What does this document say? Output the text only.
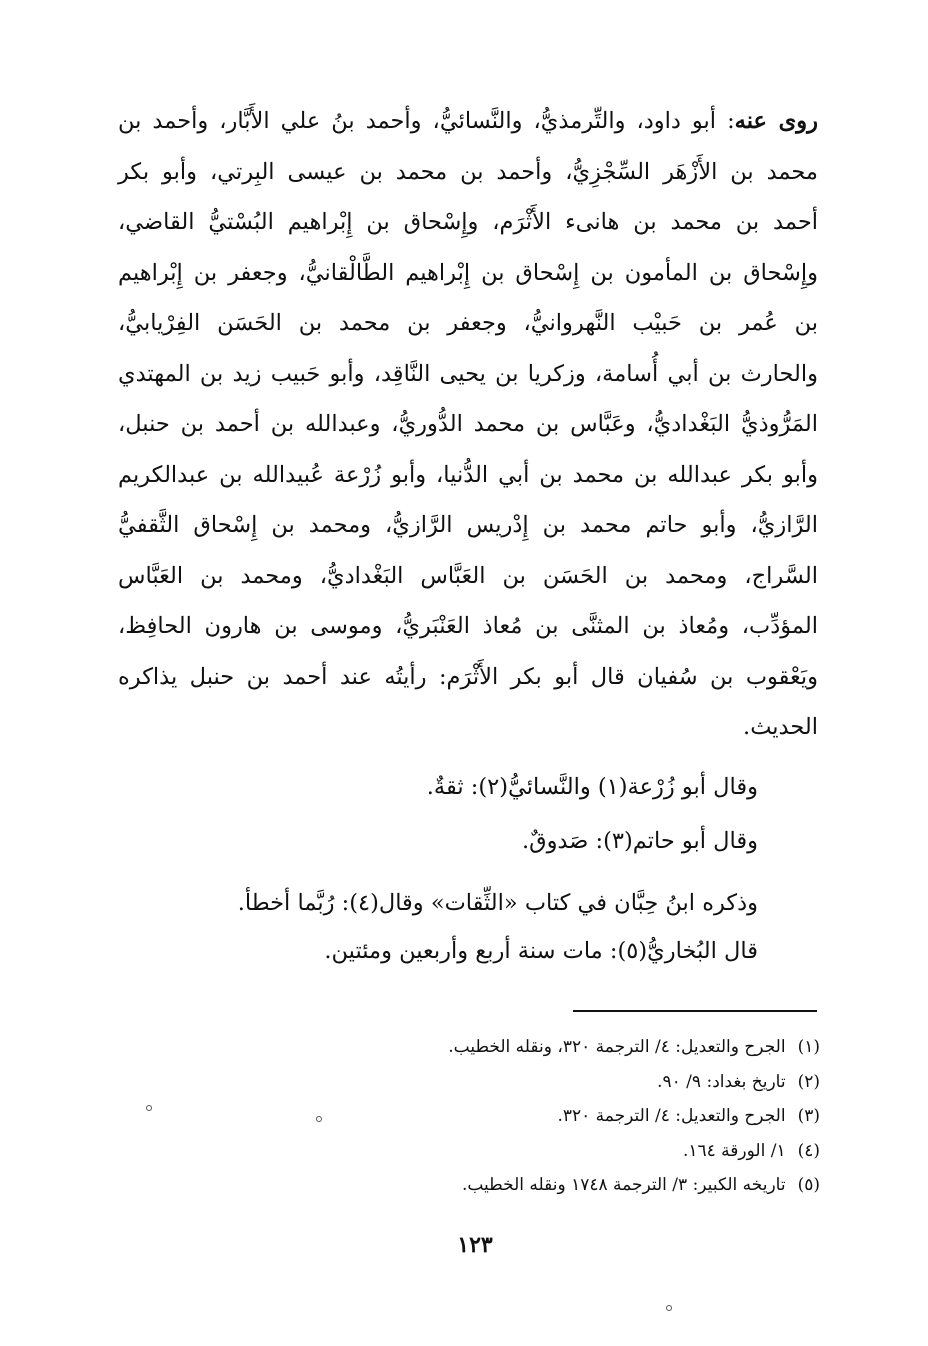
روى عنه: أبو داود، والتِّرمذيُّ، والنَّسائيُّ، وأحمد بنُ علي الأَبَّار، وأحمد بن محمد بن الأَزْهَر السِّجْزِيُّ، وأحمد بن محمد بن عيسى البِرتي، وأبو بكر أحمد بن محمد بن هانىء الأَثْرَم، وإِسْحاق بن إِبْراهيم البُسْتيُّ القاضي، وإِسْحاق بن المأمون بن إِسْحاق بن إِبْراهيم الطَّالْقانيُّ، وجعفر بن إِبْراهيم بن عُمر بن حَبيْب النَّهروانيُّ، وجعفر بن محمد بن الحَسَن الفِرْيابيُّ، والحارث بن أبي أُسامة، وزكريا بن يحيى النَّاقِد، وأبو حَبيب زيد بن المهتدي المَرُّوذيُّ البَغْداديُّ، وعَبَّاس بن محمد الدُّوريُّ، وعبدالله بن أحمد بن حنبل، وأبو بكر عبدالله بن محمد بن أبي الدُّنيا، وأبو زُرْعة عُبيدالله بن عبدالكريم الرَّازيُّ، وأبو حاتم محمد بن إِدْريس الرَّازيُّ، ومحمد بن إِسْحاق الثَّقفيُّ السَّراج، ومحمد بن الحَسَن بن العَبَّاس البَغْداديُّ، ومحمد بن العَبَّاس المؤدِّب، ومُعاذ بن المثنَّى بن مُعاذ العَنْبَريُّ، وموسى بن هارون الحافِظ، ويَعْقوب بن سُفيان قال أبو بكر الأَثْرَم: رأيتُه عند أحمد بن حنبل يذاكره الحديث.

وقال أبو زُرْعة(١) والنَّسائيُّ(٢): ثقةٌ.

وقال أبو حاتم(٣): صَدوقٌ.

وذكره ابنُ حِبَّان في كتاب «الثِّقات» وقال(٤): رُبَّما أخطأ.

قال البُخاريُّ(٥): مات سنة أربع وأربعين ومئتين.

(١)الجرح والتعديل: ٤/ الترجمة ٣٢٠، ونقله الخطيب.

(٢)تاريخ بغداد: ٩/ ٩٠.

(٣)الجرح والتعديل: ٤/ الترجمة ٣٢٠.

(٤)١/ الورقة ١٦٤.

(٥)تاريخه الكبير: ٣/ الترجمة ١٧٤٨ ونقله الخطيب.

١٢٣
